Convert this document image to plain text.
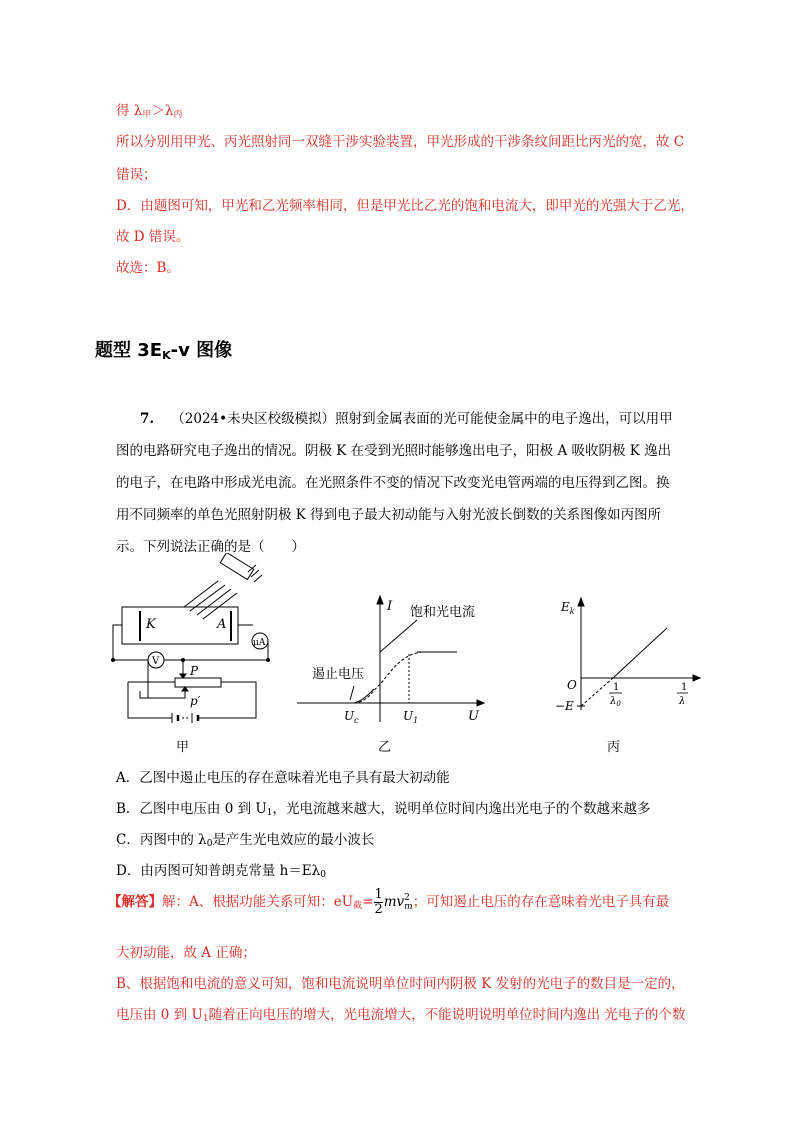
得 $\lambda_甲>\lambda_丙$
所以分别用甲光、丙光照射同一双缝干涉实验装置，甲光形成的干涉条纹间距比丙光的宽，故 C
错误；
D．由题图可知，甲光和乙光频率相同，但是甲光比乙光的饱和电流大，即甲光的光强大于乙光，
故 D 错误。
故选：B。
题型 $3E_K-v$ 图像
7. （2024•未央区校级模拟）照射到金属表面的光可能使金属中的电子逸出，可以用甲
图的电路研究电子逸出的情况。阴极 K 在受到光照时能够逸出电子，阳极 A 吸收阴极 K 逸出
的电子，在电路中形成光电流。在光照条件不变的情况下改变光电管两端的电压得到乙图。换
用不同频率的单色光照射阴极 K 得到电子最大初动能与入射光波长倒数的关系图像如丙图所
示。下列说法正确的是（　　）
K	A
μA
V
P
p′
甲
I 饱和光电流
遏止电压
$U_c$	$U_1$	U
乙
$E_k$
O
−E
1
$\lambda_0$
1
λ
丙
A．乙图中遏止电压的存在意味着光电子具有最大初动能
B．乙图中电压由 0 到 $U_1$，光电流越来越大，说明单位时间内逸出光电子的个数越来越多
C．丙图中的 $\lambda_0$是产生光电效应的最小波长
D．由丙图可知普朗克常量 $h=E\lambda_0$
【解答】解：A、根据功能关系可知：$eU_截= \frac{1}{2}$ mv 2
m ；可知遏止电压的存在意味着光电子具有最
大初动能，故 A 正确；
B、根据饱和电流的意义可知，饱和电流说明单位时间内阴极 K 发射的光电子的数目是一定的，
电压由 0 到 $U_1$随着正向电压的增大，光电流增大，不能说明说明单位时间内逸出 光电子的个数
